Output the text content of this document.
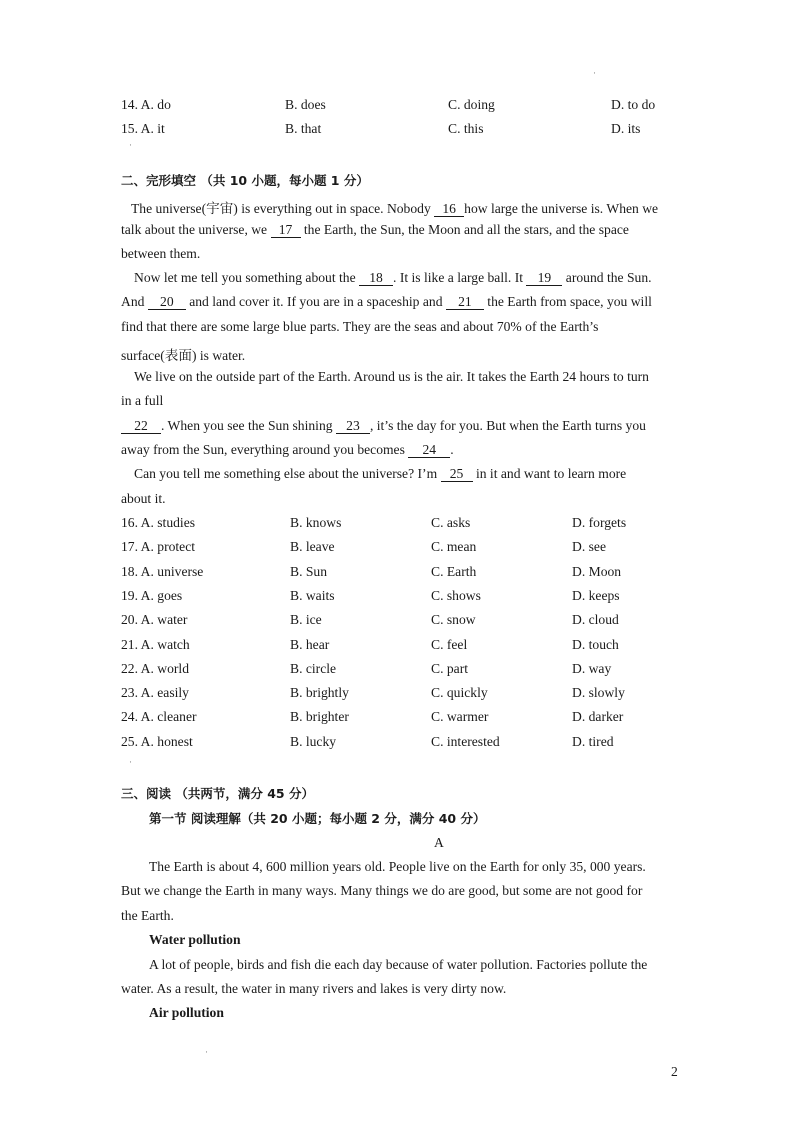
14. A. do	B. does	C. doing	D. to do
15. A. it	B. that	C. this	D. its
二、完形填空 （共 10 小题，每小题 1 分）
The universe(宇宙) is everything out in space. Nobody 16 how large the universe is. When we
talk about the universe, we 17 the Earth, the Sun, the Moon and all the stars, and the space
between them.
Now let me tell you something about the 18 . It is like a large ball. It 19 around the Sun.
And 20 and land cover it. If you are in a spaceship and 21 the Earth from space, you will
find that there are some large blue parts. They are the seas and about 70% of the Earth’s
surface(表面) is water.
We live on the outside part of the Earth. Around us is the air. It takes the Earth 24 hours to turn
in a full
22 . When you see the Sun shining 23 , it’s the day for you. But when the Earth turns you
away from the Sun, everything around you becomes 24 .
Can you tell me something else about the universe? I’m 25 in it and want to learn more
about it.
16. A. studies	B. knows	C. asks	D. forgets
17. A. protect	B. leave	C. mean	D. see
18. A. universe	B. Sun	C. Earth	D. Moon
19. A. goes	B. waits	C. shows	D. keeps
20. A. water	B. ice	C. snow	D. cloud
21. A. watch	B. hear	C. feel	D. touch
22. A. world	B. circle	C. part	D. way
23. A. easily	B. brightly	C. quickly	D. slowly
24. A. cleaner	B. brighter	C. warmer	D. darker
25. A. honest	B. lucky	C. interested	D. tired
三、阅读 （共两节，满分 45 分）
第一节 阅读理解（共 20 小题；每小题 2 分，满分 40 分）
A
The Earth is about 4, 600 million years old. People live on the Earth for only 35, 000 years.
But we change the Earth in many ways. Many things we do are good, but some are not good for
the Earth.
Water pollution
A lot of people, birds and fish die each day because of water pollution. Factories pollute the
water. As a result, the water in many rivers and lakes is very dirty now.
Air pollution
2
·
·
·
·
